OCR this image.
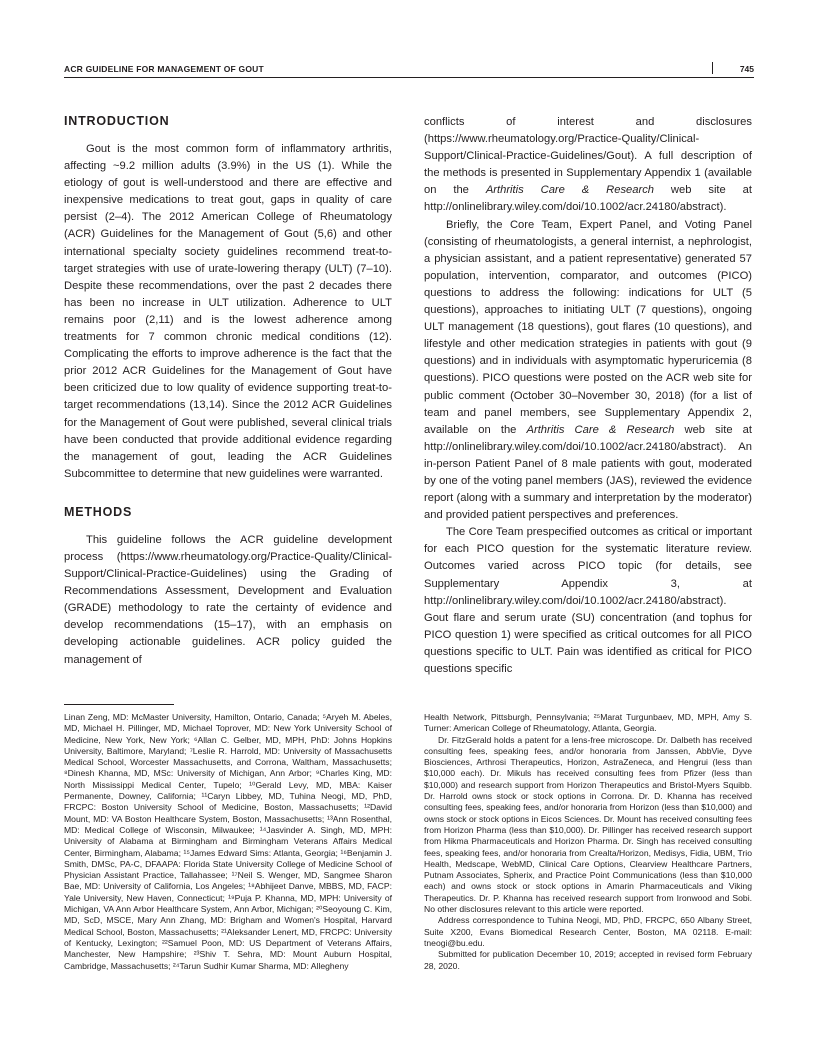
ACR GUIDELINE FOR MANAGEMENT OF GOUT	745
INTRODUCTION

Gout is the most common form of inflammatory arthritis, affecting ~9.2 million adults (3.9%) in the US (1). While the etiology of gout is well-understood and there are effective and inexpensive medications to treat gout, gaps in quality of care persist (2–4). The 2012 American College of Rheumatology (ACR) Guidelines for the Management of Gout (5,6) and other international specialty society guidelines recommend treat-to-target strategies with use of urate-lowering therapy (ULT) (7–10). Despite these recommendations, over the past 2 decades there has been no increase in ULT utilization. Adherence to ULT remains poor (2,11) and is the lowest adherence among treatments for 7 common chronic medical conditions (12). Complicating the efforts to improve adherence is the fact that the prior 2012 ACR Guidelines for the Management of Gout have been criticized due to low quality of evidence supporting treat-to-target recommendations (13,14). Since the 2012 ACR Guidelines for the Management of Gout were published, several clinical trials have been conducted that provide additional evidence regarding the management of gout, leading the ACR Guidelines Subcommittee to determine that new guidelines were warranted.

METHODS

This guideline follows the ACR guideline development process (https://www.rheumatology.org/Practice-Quality/Clinical-Support/Clinical-Practice-Guidelines) using the Grading of Recommendations Assessment, Development and Evaluation (GRADE) methodology to rate the certainty of evidence and develop recommendations (15–17), with an emphasis on developing actionable guidelines. ACR policy guided the management of

conflicts of interest and disclosures (https://www.rheumatology.org/Practice-Quality/Clinical-Support/Clinical-Practice-Guidelines/Gout). A full description of the methods is presented in Supplementary Appendix 1 (available on the Arthritis Care & Research web site at http://onlinelibrary.wiley.com/doi/10.1002/acr.24180/abstract).

Briefly, the Core Team, Expert Panel, and Voting Panel (consisting of rheumatologists, a general internist, a nephrologist, a physician assistant, and a patient representative) generated 57 population, intervention, comparator, and outcomes (PICO) questions to address the following: indications for ULT (5 questions), approaches to initiating ULT (7 questions), ongoing ULT management (18 questions), gout flares (10 questions), and lifestyle and other medication strategies in patients with gout (9 questions) and in individuals with asymptomatic hyperuricemia (8 questions). PICO questions were posted on the ACR web site for public comment (October 30–November 30, 2018) (for a list of team and panel members, see Supplementary Appendix 2, available on the Arthritis Care & Research web site at http://onlinelibrary.wiley.com/doi/10.1002/acr.24180/abstract). An in-person Patient Panel of 8 male patients with gout, moderated by one of the voting panel members (JAS), reviewed the evidence report (along with a summary and interpretation by the moderator) and provided patient perspectives and preferences.

The Core Team prespecified outcomes as critical or important for each PICO question for the systematic literature review. Outcomes varied across PICO topic (for details, see Supplementary Appendix 3, at http://onlinelibrary.wiley.com/doi/10.1002/acr.24180/abstract). Gout flare and serum urate (SU) concentration (and tophus for PICO question 1) were specified as critical outcomes for all PICO questions specific to ULT. Pain was identified as critical for PICO questions specific

Linan Zeng, MD: McMaster University, Hamilton, Ontario, Canada; ⁵Aryeh M. Abeles, MD, Michael H. Pillinger, MD, Michael Toprover, MD: New York University School of Medicine, New York, New York; ⁶Allan C. Gelber, MD, MPH, PhD: Johns Hopkins University, Baltimore, Maryland; ⁷Leslie R. Harrold, MD: University of Massachusetts Medical School, Worcester Massachusetts, and Corrona, Waltham, Massachusetts; ⁸Dinesh Khanna, MD, MSc: University of Michigan, Ann Arbor; ⁹Charles King, MD: North Mississippi Medical Center, Tupelo; ¹⁰Gerald Levy, MD, MBA: Kaiser Permanente, Downey, California; ¹¹Caryn Libbey, MD, Tuhina Neogi, MD, PhD, FRCPC: Boston University School of Medicine, Boston, Massachusetts; ¹²David Mount, MD: VA Boston Healthcare System, Boston, Massachusetts; ¹³Ann Rosenthal, MD: Medical College of Wisconsin, Milwaukee; ¹⁴Jasvinder A. Singh, MD, MPH: University of Alabama at Birmingham and Birmingham Veterans Affairs Medical Center, Birmingham, Alabama; ¹⁵James Edward Sims: Atlanta, Georgia; ¹⁶Benjamin J. Smith, DMSc, PA-C, DFAAPA: Florida State University College of Medicine School of Physician Assistant Practice, Tallahassee; ¹⁷Neil S. Wenger, MD, Sangmee Sharon Bae, MD: University of California, Los Angeles; ¹⁸Abhijeet Danve, MBBS, MD, FACP: Yale University, New Haven, Connecticut; ¹⁹Puja P. Khanna, MD, MPH: University of Michigan, VA Ann Arbor Healthcare System, Ann Arbor, Michigan; ²⁰Seoyoung C. Kim, MD, ScD, MSCE, Mary Ann Zhang, MD: Brigham and Women's Hospital, Harvard Medical School, Boston, Massachusetts; ²¹Aleksander Lenert, MD, FRCPC: University of Kentucky, Lexington; ²²Samuel Poon, MD: US Department of Veterans Affairs, Manchester, New Hampshire; ²³Shiv T. Sehra, MD: Mount Auburn Hospital, Cambridge, Massachusetts; ²⁴Tarun Sudhir Kumar Sharma, MD: Allegheny

Health Network, Pittsburgh, Pennsylvania; ²⁵Marat Turgunbaev, MD, MPH, Amy S. Turner: American College of Rheumatology, Atlanta, Georgia.

Dr. FitzGerald holds a patent for a lens-free microscope. Dr. Dalbeth has received consulting fees, speaking fees, and/or honoraria from Janssen, AbbVie, Dyve Biosciences, Arthrosi Therapeutics, Horizon, AstraZeneca, and Hengrui (less than $10,000 each). Dr. Mikuls has received consulting fees from Pfizer (less than $10,000) and research support from Horizon Therapeutics and Bristol-Myers Squibb. Dr. Harrold owns stock or stock options in Corrona. Dr. D. Khanna has received consulting fees, speaking fees, and/or honoraria from Horizon (less than $10,000) and owns stock or stock options in Eicos Sciences. Dr. Mount has received consulting fees from Horizon Pharma (less than $10,000). Dr. Pillinger has received research support from Hikma Pharmaceuticals and Horizon Pharma. Dr. Singh has received consulting fees, speaking fees, and/or honoraria from Crealta/Horizon, Medisys, Fidia, UBM, Trio Health, Medscape, WebMD, Clinical Care Options, Clearview Healthcare Partners, Putnam Associates, Spherix, and Practice Point Communications (less than $10,000 each) and owns stock or stock options in Amarin Pharmaceuticals and Viking Therapeutics. Dr. P. Khanna has received research support from Ironwood and Sobi. No other disclosures relevant to this article were reported.

Address correspondence to Tuhina Neogi, MD, PhD, FRCPC, 650 Albany Street, Suite X200, Evans Biomedical Research Center, Boston, MA 02118. E-mail: tneogi@bu.edu.

Submitted for publication December 10, 2019; accepted in revised form February 28, 2020.
